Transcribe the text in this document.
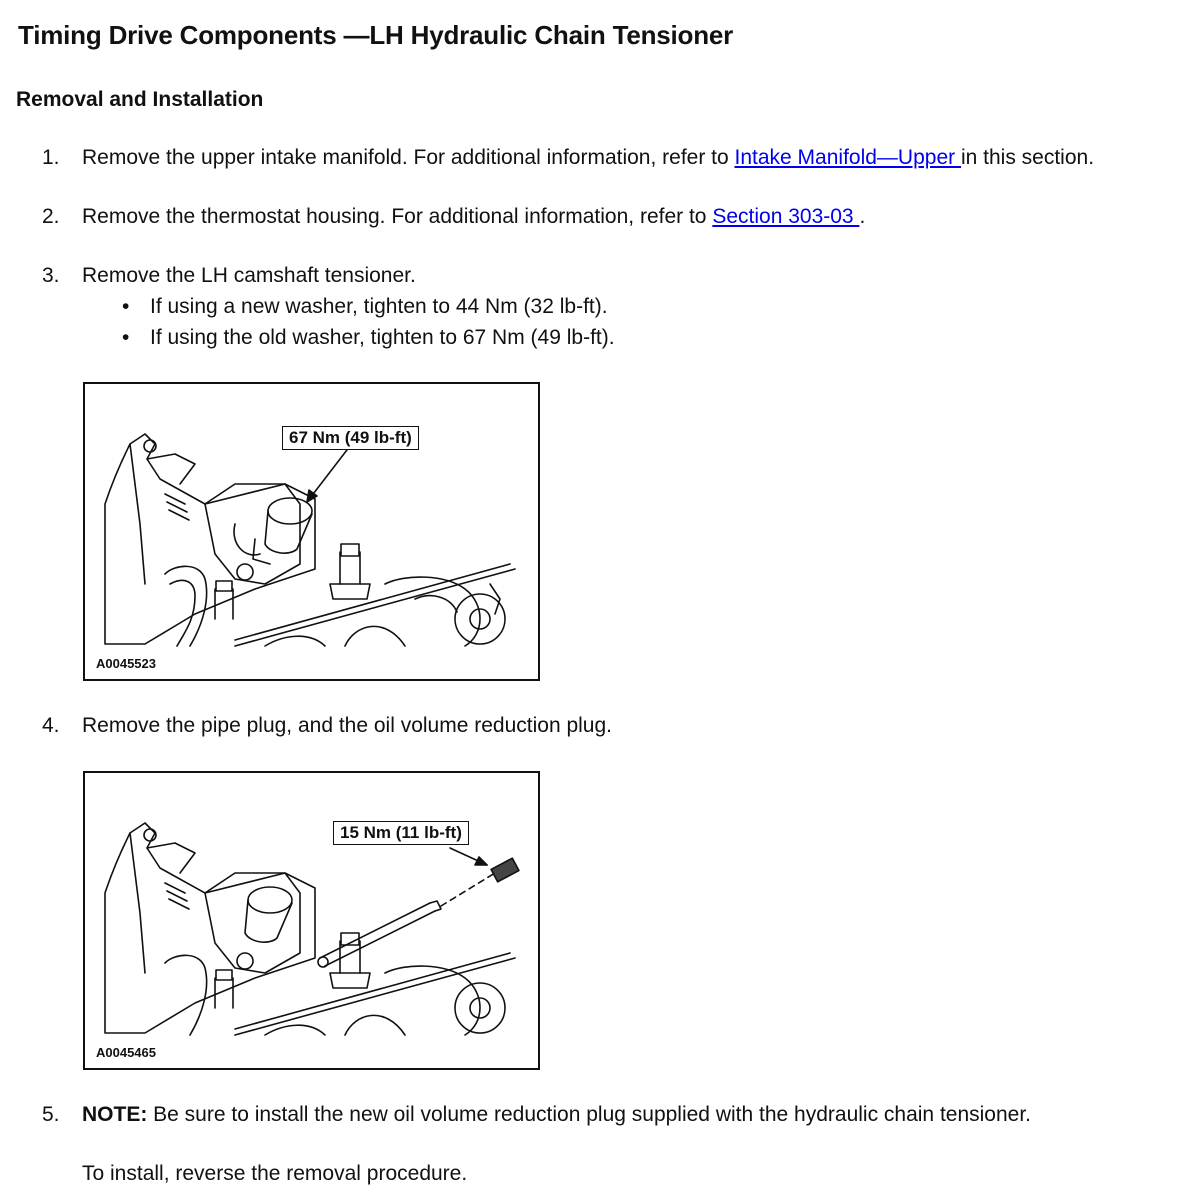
Timing Drive Components —LH Hydraulic Chain Tensioner
Removal and Installation
1. Remove the upper intake manifold. For additional information, refer to Intake Manifold—Upper in this section.
2. Remove the thermostat housing. For additional information, refer to Section 303-03 .
3. Remove the LH camshaft tensioner.
• If using a new washer, tighten to 44 Nm (32 lb-ft).
• If using the old washer, tighten to 67 Nm (49 lb-ft).
67 Nm (49 lb-ft)
A0045523
4. Remove the pipe plug, and the oil volume reduction plug.
15 Nm (11 lb-ft)
A0045465
5. NOTE: Be sure to install the new oil volume reduction plug supplied with the hydraulic chain tensioner.
To install, reverse the removal procedure.
